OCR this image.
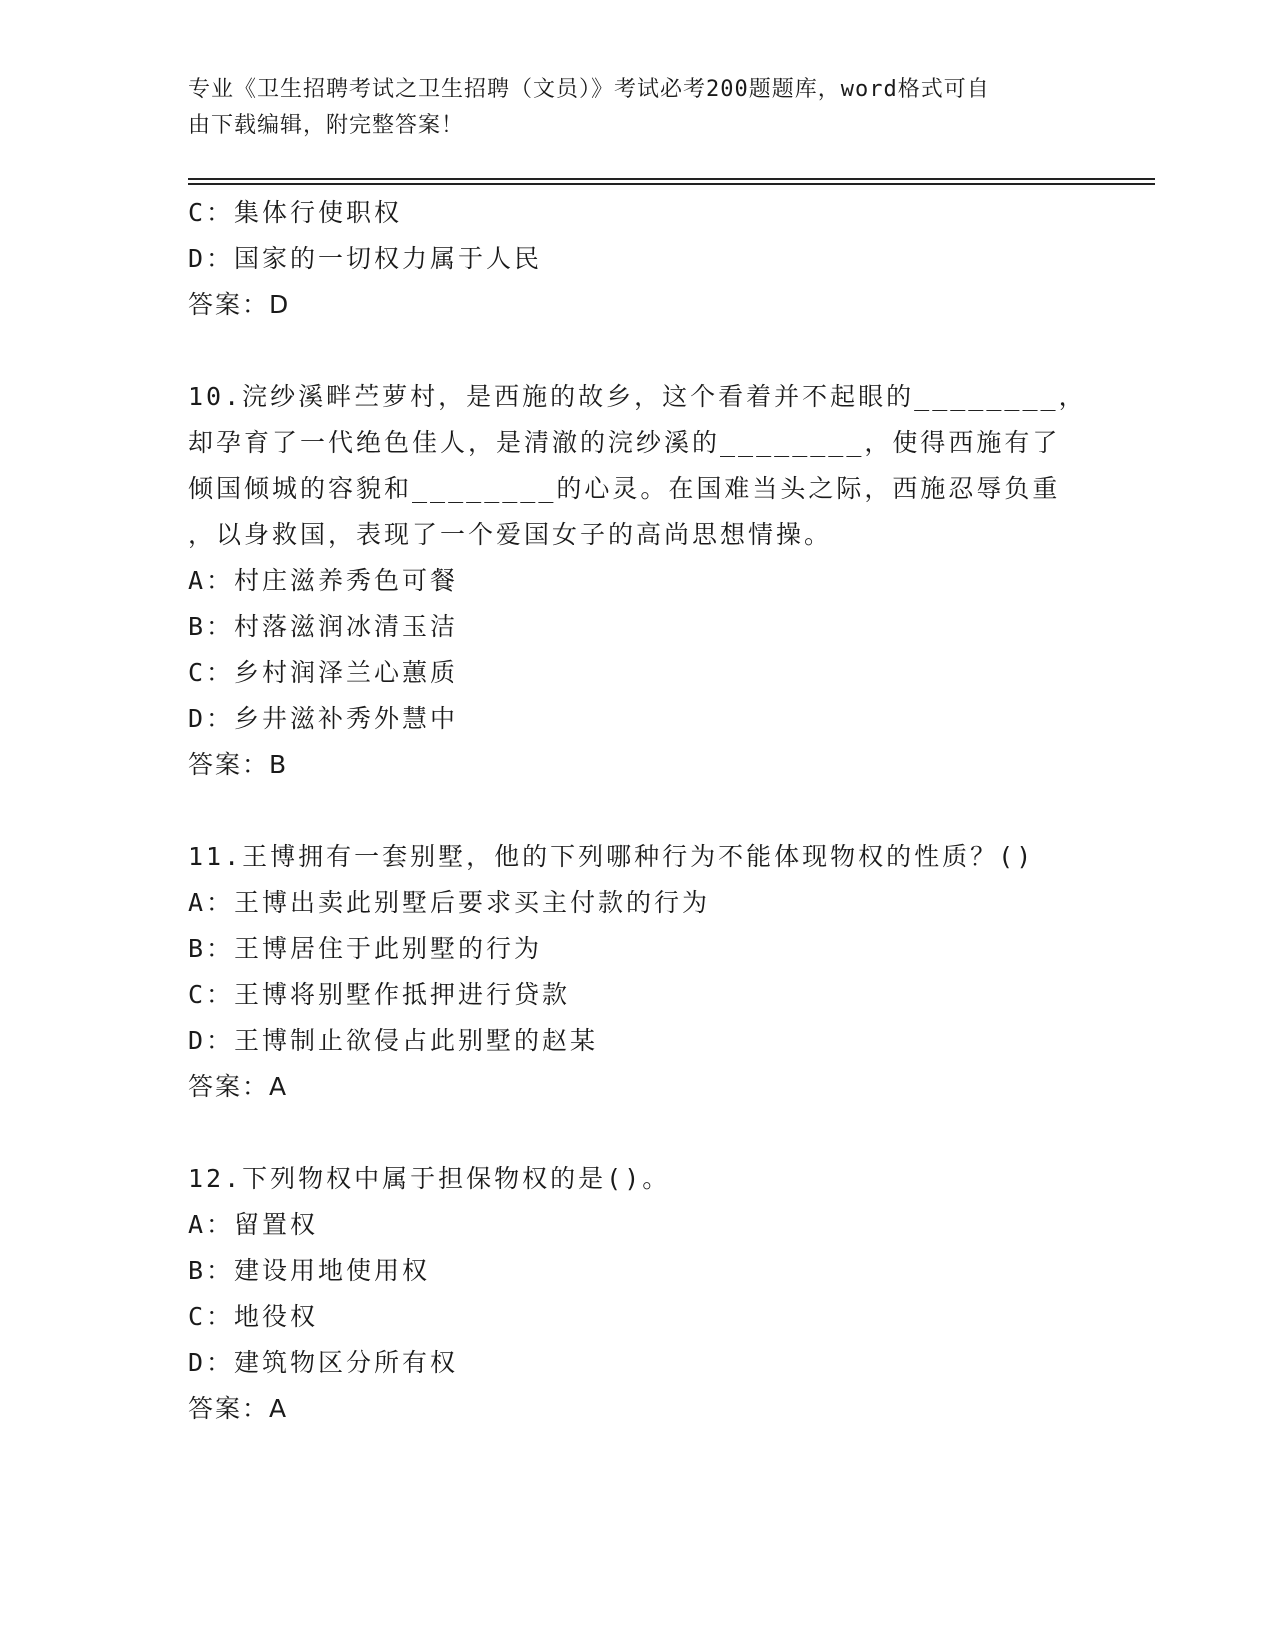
专业《卫生招聘考试之卫生招聘（文员）》考试必考200题题库，word格式可自
由下载编辑，附完整答案！
C：集体行使职权
D：国家的一切权力属于人民
答案：D
10.浣纱溪畔苎萝村，是西施的故乡，这个看着并不起眼的________，
却孕育了一代绝色佳人，是清澈的浣纱溪的________，使得西施有了
倾国倾城的容貌和________的心灵。在国难当头之际，西施忍辱负重
，以身救国，表现了一个爱国女子的高尚思想情操。
A：村庄滋养秀色可餐
B：村落滋润冰清玉洁
C：乡村润泽兰心蕙质
D：乡井滋补秀外慧中
答案：B
11.王博拥有一套别墅，他的下列哪种行为不能体现物权的性质？()
A：王博出卖此别墅后要求买主付款的行为
B：王博居住于此别墅的行为
C：王博将别墅作抵押进行贷款
D：王博制止欲侵占此别墅的赵某
答案：A
12.下列物权中属于担保物权的是()。
A：留置权
B：建设用地使用权
C：地役权
D：建筑物区分所有权
答案：A
